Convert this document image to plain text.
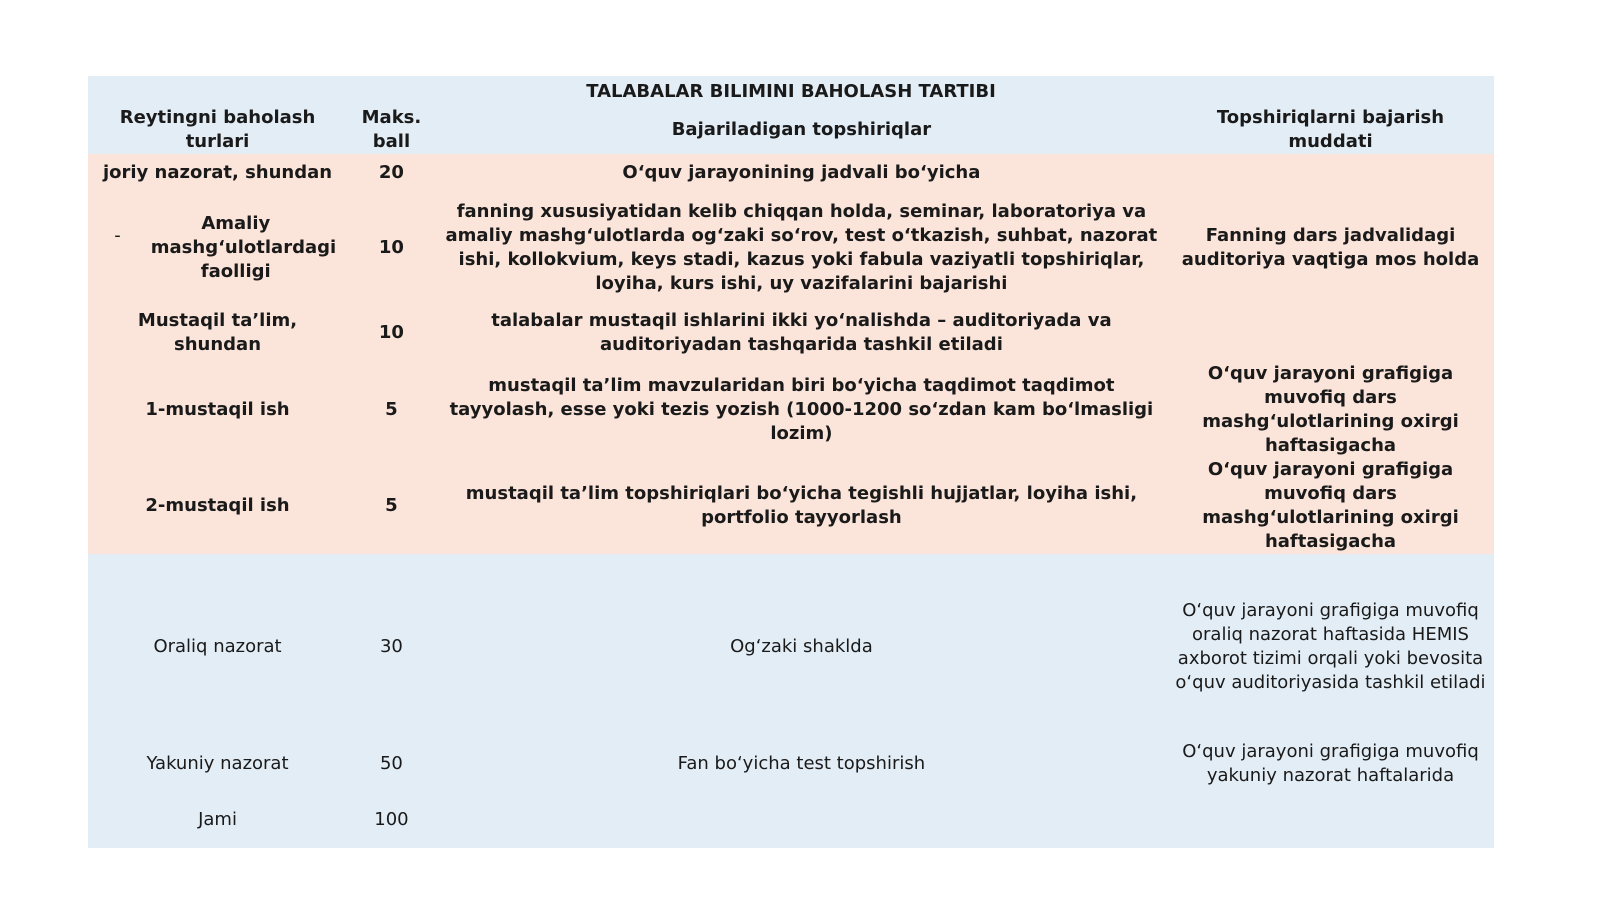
TALABALAR BILIMINI BAHOLASH TARTIBI			
Reytingni baholash turlari	Maks. ball	Bajariladigan topshiriqlar	Topshiriqlarni bajarish muddati
joriy nazorat, shundan	20	O‘quv jarayonining jadvali bo‘yicha	

-
Amaliy mashg‘ulotlardagi faolligi	10	fanning xususiyatidan kelib chiqqan holda, seminar, laboratoriya va amaliy mashg‘ulotlarda og‘zaki so‘rov, test o‘tkazish, suhbat, nazorat ishi, kollokvium, keys stadi, kazus yoki fabula vaziyatli topshiriqlar, loyiha, kurs ishi, uy vazifalarini bajarishi	Fanning dars jadvalidagi auditoriya vaqtiga mos holda
Mustaqil ta’lim, shundan	10	talabalar mustaqil ishlarini ikki yo‘nalishda – auditoriyada va auditoriyadan tashqarida tashkil etiladi	
1-mustaqil ish	5	mustaqil ta’lim mavzularidan biri bo‘yicha taqdimot taqdimot tayyolash, esse yoki tezis yozish (1000-1200 so‘zdan kam bo‘lmasligi lozim)	O‘quv jarayoni grafigiga muvofiq dars mashg‘ulotlarining oxirgi haftasigacha
2-mustaqil ish	5	mustaqil ta’lim topshiriqlari bo‘yicha tegishli hujjatlar, loyiha ishi, portfolio tayyorlash	O‘quv jarayoni grafigiga muvofiq dars mashg‘ulotlarining oxirgi haftasigacha
Oraliq nazorat	30	Og‘zaki shaklda	O‘quv jarayoni grafigiga muvofiq oraliq nazorat haftasida HEMIS axborot tizimi orqali yoki bevosita o‘quv auditoriyasida tashkil etiladi
Yakuniy nazorat	50	Fan bo‘yicha test topshirish	O‘quv jarayoni grafigiga muvofiq yakuniy nazorat haftalarida
Jami	100		
